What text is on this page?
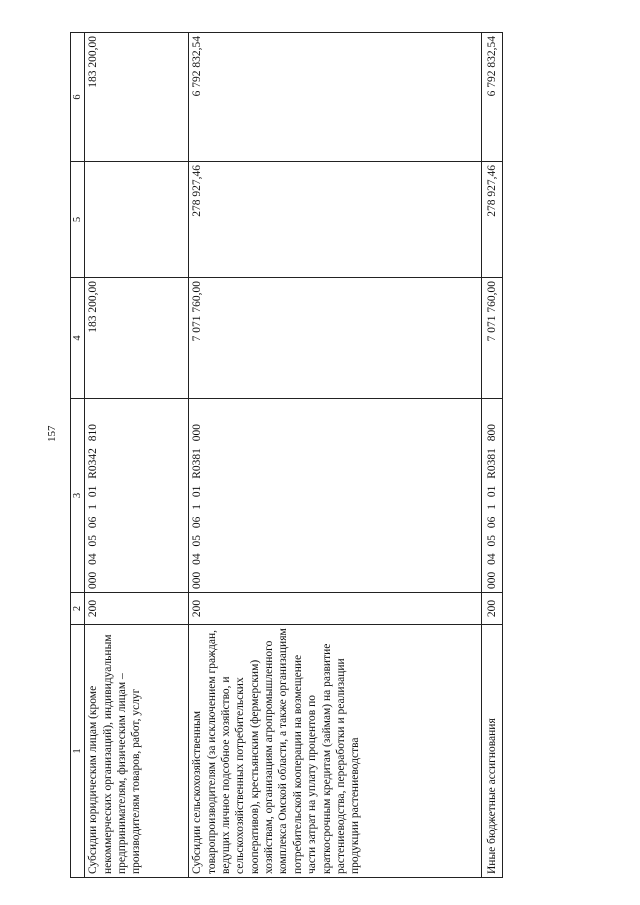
157
1	2	3	4	5	6
Субсидии юридическим лицам (кроме некоммерческих организаций), индивидуальным предпринимателям, физическим лицам – производителям товаров, работ, услуг	200	000 04 05 06 1 01 R0342 810	183 200,00		183 200,00
Субсидии сельскохозяйственным товаропроизводителям (за исключением граждан, ведущих личное подсобное хозяйство, и сельскохозяйственных потребительских кооперативов), крестьянским (фермерским) хозяйствам, организациям агропромышленного комплекса Омской области, а также организациям потребительской кооперации на возмещение части затрат на уплату процентов по краткосрочным кредитам (займам) на развитие растениеводства, переработки и реализации продукции растениеводства	200	000 04 05 06 1 01 R0381 000	7 071 760,00	278 927,46	6 792 832,54
Иные бюджетные ассигнования	200	000 04 05 06 1 01 R0381 800	7 071 760,00	278 927,46	6 792 832,54
